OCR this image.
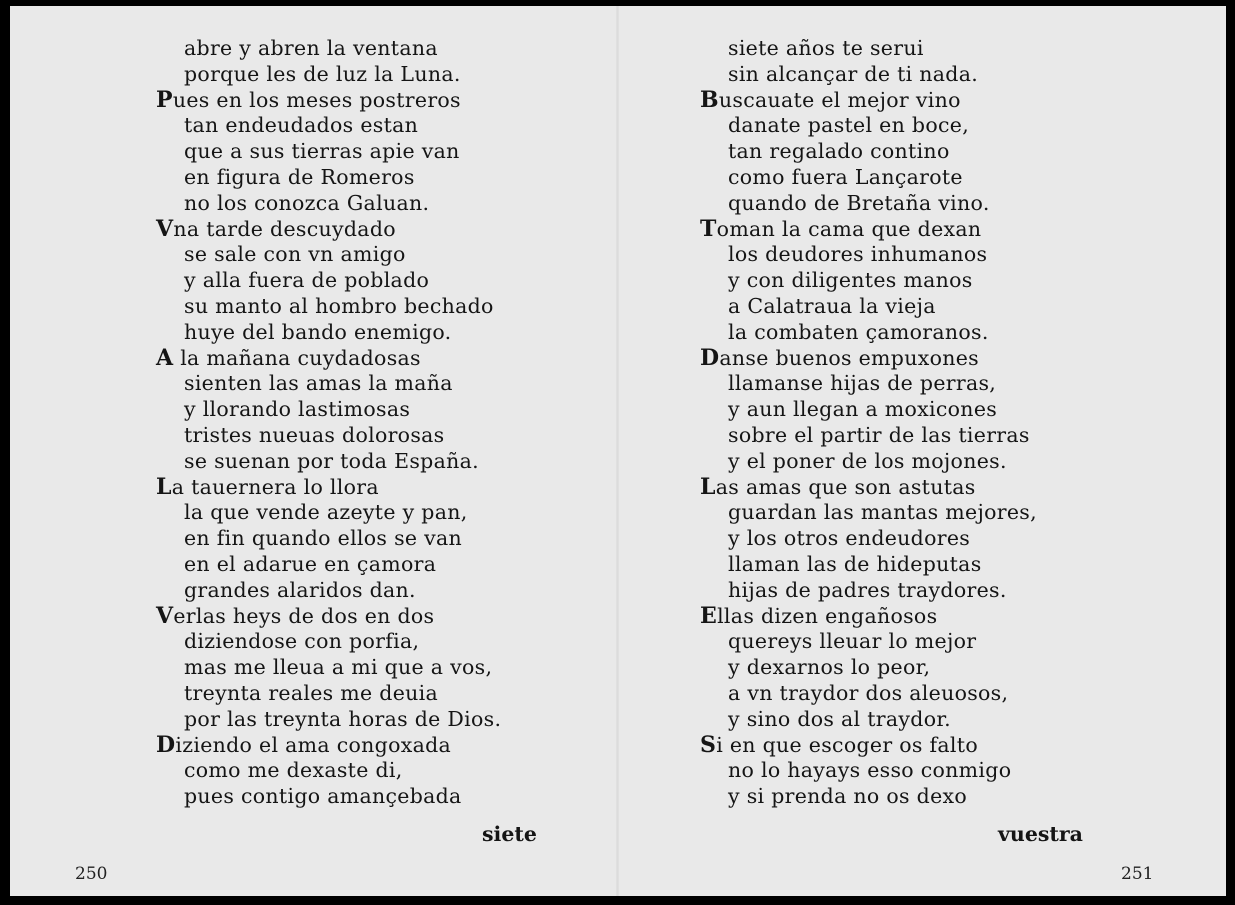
abre y abren la ventana
porque les de luz la Luna.
Pues en los meses postreros
tan endeudados estan
que a sus tierras apie van
en figura de Romeros
no los conozca Galuan.
Vna tarde descuydado
se sale con vn amigo
y alla fuera de poblado
su manto al hombro bechado
huye del bando enemigo.
A la mañana cuydadosas
sienten las amas la maña
y llorando lastimosas
tristes nueuas dolorosas
se suenan por toda España.
La tauernera lo llora
la que vende azeyte y pan,
en fin quando ellos se van
en el adarue en çamora
grandes alaridos dan.
Verlas heys de dos en dos
diziendose con porfia,
mas me lleua a mi que a vos,
treynta reales me deuia
por las treynta horas de Dios.
Diziendo el ama congoxada
como me dexaste di,
pues contigo amançebada
siete
250
siete años te serui
sin alcançar de ti nada.
Buscauate el mejor vino
danate pastel en boce,
tan regalado contino
como fuera Lançarote
quando de Bretaña vino.
Toman la cama que dexan
los deudores inhumanos
y con diligentes manos
a Calatraua la vieja
la combaten çamoranos.
Danse buenos empuxones
llamanse hijas de perras,
y aun llegan a moxicones
sobre el partir de las tierras
y el poner de los mojones.
Las amas que son astutas
guardan las mantas mejores,
y los otros endeudores
llaman las de hideputas
hijas de padres traydores.
Ellas dizen engañosos
quereys lleuar lo mejor
y dexarnos lo peor,
a vn traydor dos aleuosos,
y sino dos al traydor.
Si en que escoger os falto
no lo hayays esso conmigo
y si prenda no os dexo
vuestra
251
